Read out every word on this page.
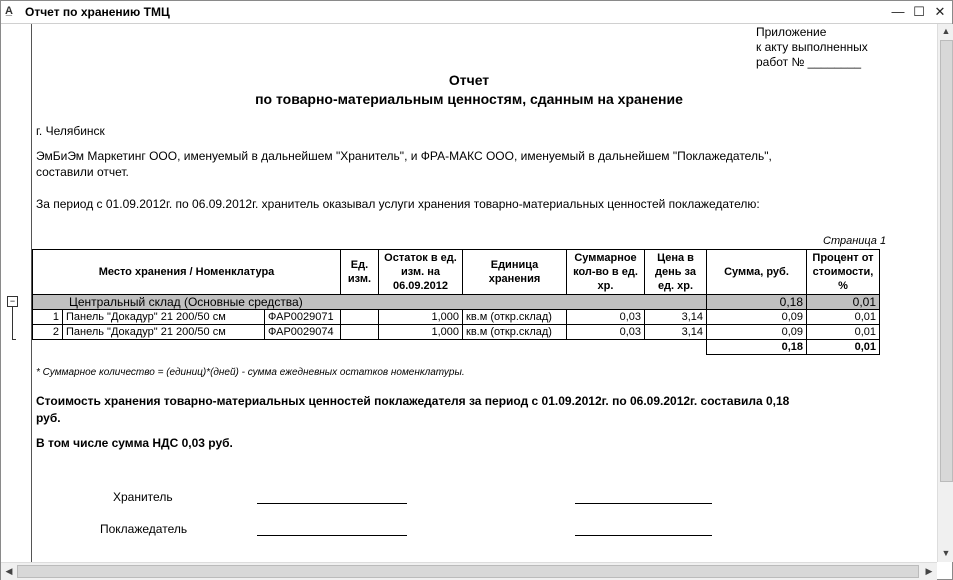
A̲	Отчет по хранению ТМЦ	— ☐ ✕
−
Приложение
к акту выполненных
работ № ________
Отчет
по товарно-материальным ценностям, сданным на хранение
г. Челябинск
ЭмБиЭм Маркетинг ООО, именуемый в дальнейшем "Хранитель", и ФРА-МАКС ООО, именуемый в дальнейшем "Поклажедатель",
составили отчет.
За период с 01.09.2012г. по 06.09.2012г. хранитель оказывал услуги хранения товарно-материальных ценностей поклажедателю:
Страница 1
Место хранения / Номенклатура			Ед. изм.	Остаток в ед. изм. на 06.09.2012	Единица хранения	Суммарное кол-во в ед. хр.	Цена в день за ед. хр.	Сумма, руб.	Процент от стоимости, %
Центральный склад (Основные средства)								0,18	0,01
1	Панель "Докадур" 21 200/50 см	ФАР0029071		1,000	кв.м (откр.склад)	0,03	3,14	0,09	0,01
2	Панель "Докадур" 21 200/50 см	ФАР0029074		1,000	кв.м (откр.склад)	0,03	3,14	0,09	0,01
								0,18	0,01
* Суммарное количество = (единиц)*(дней) - сумма ежедневных остатков номенклатуры.
Стоимость хранения товарно-материальных ценностей поклажедателя за период с 01.09.2012г. по 06.09.2012г. составила 0,18
руб.
В том числе сумма НДС 0,03 руб.
Хранитель
Поклажедатель
▲
▼
◀	▶
